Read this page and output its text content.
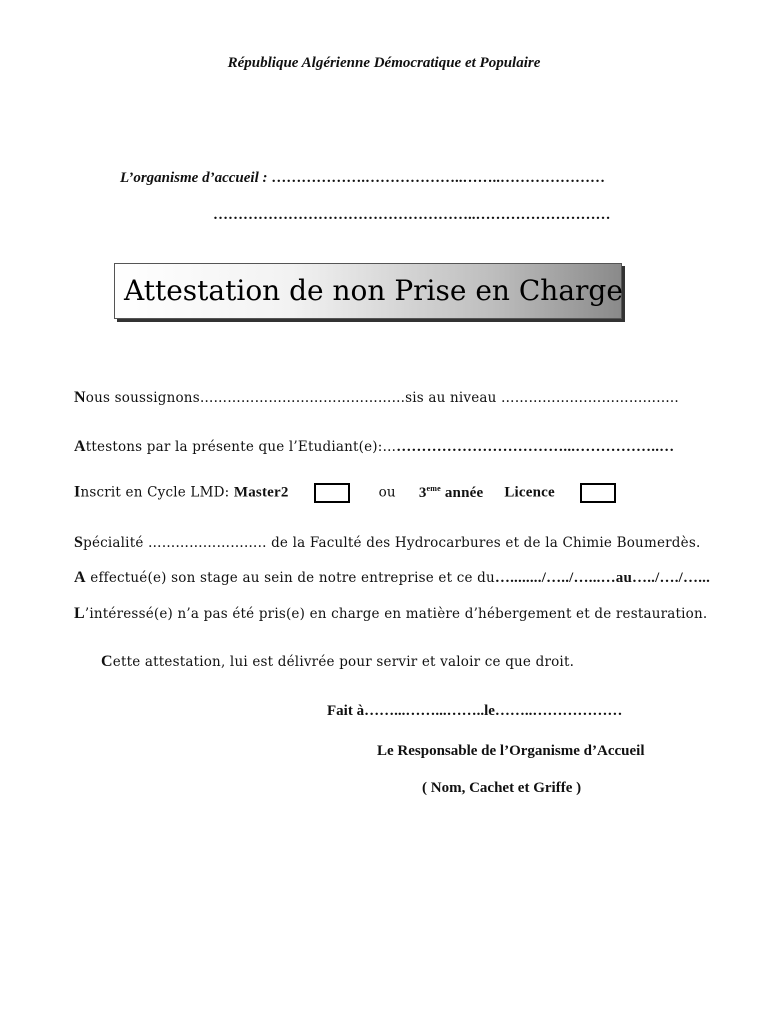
République Algérienne Démocratique et Populaire
L’organisme d’accueil : ……………….………………..……..…………………
……………………………………………..………………………
Attestation de non Prise en Charge
Nous soussignons……………………………………...sis au niveau ……………….…………….….
Attestons par la présente que l’Etudiant(e):………………………………...……………..…
Inscrit en Cycle LMD: Master2	ou 3eme année Licence
Spécialité …………………….. de la Faculté des Hydrocarbures et de la Chimie Boumerdès.
A effectué(e) son stage au sein de notre entreprise et ce du…......../…../…...…au…../…./…...
L’intéressé(e) n’a pas été pris(e) en charge en matière d’hébergement et de restauration.
Cette attestation, lui est délivrée pour servir et valoir ce que droit.
Fait à……...……...……..le……..………………
Le Responsable de l’Organisme d’Accueil
( Nom, Cachet et Griffe )
